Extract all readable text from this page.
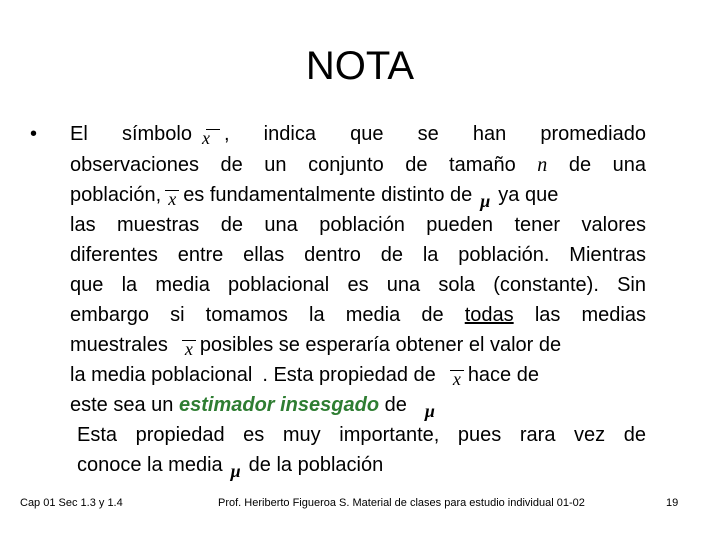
NOTA
• El símbolo x , indica que se han promediado
observaciones de un conjunto de tamaño n de una
población, x es fundamentalmente distinto de μ ya que
las muestras de una población pueden tener valores
diferentes entre ellas dentro de la población. Mientras
que la media poblacional es una sola (constante). Sin
embargo si tomamos la media de todas las medias
muestrales x posibles se esperaría obtener el valor de
la media poblacional . Esta propiedad de x hace de
este sea un estimador insesgado de μ
Esta propiedad es muy importante, pues rara vez de
conoce la media μ de la población
Cap 01 Sec 1.3 y 1.4	Prof. Heriberto Figueroa S. Material de clases para estudio individual 01-02	19
